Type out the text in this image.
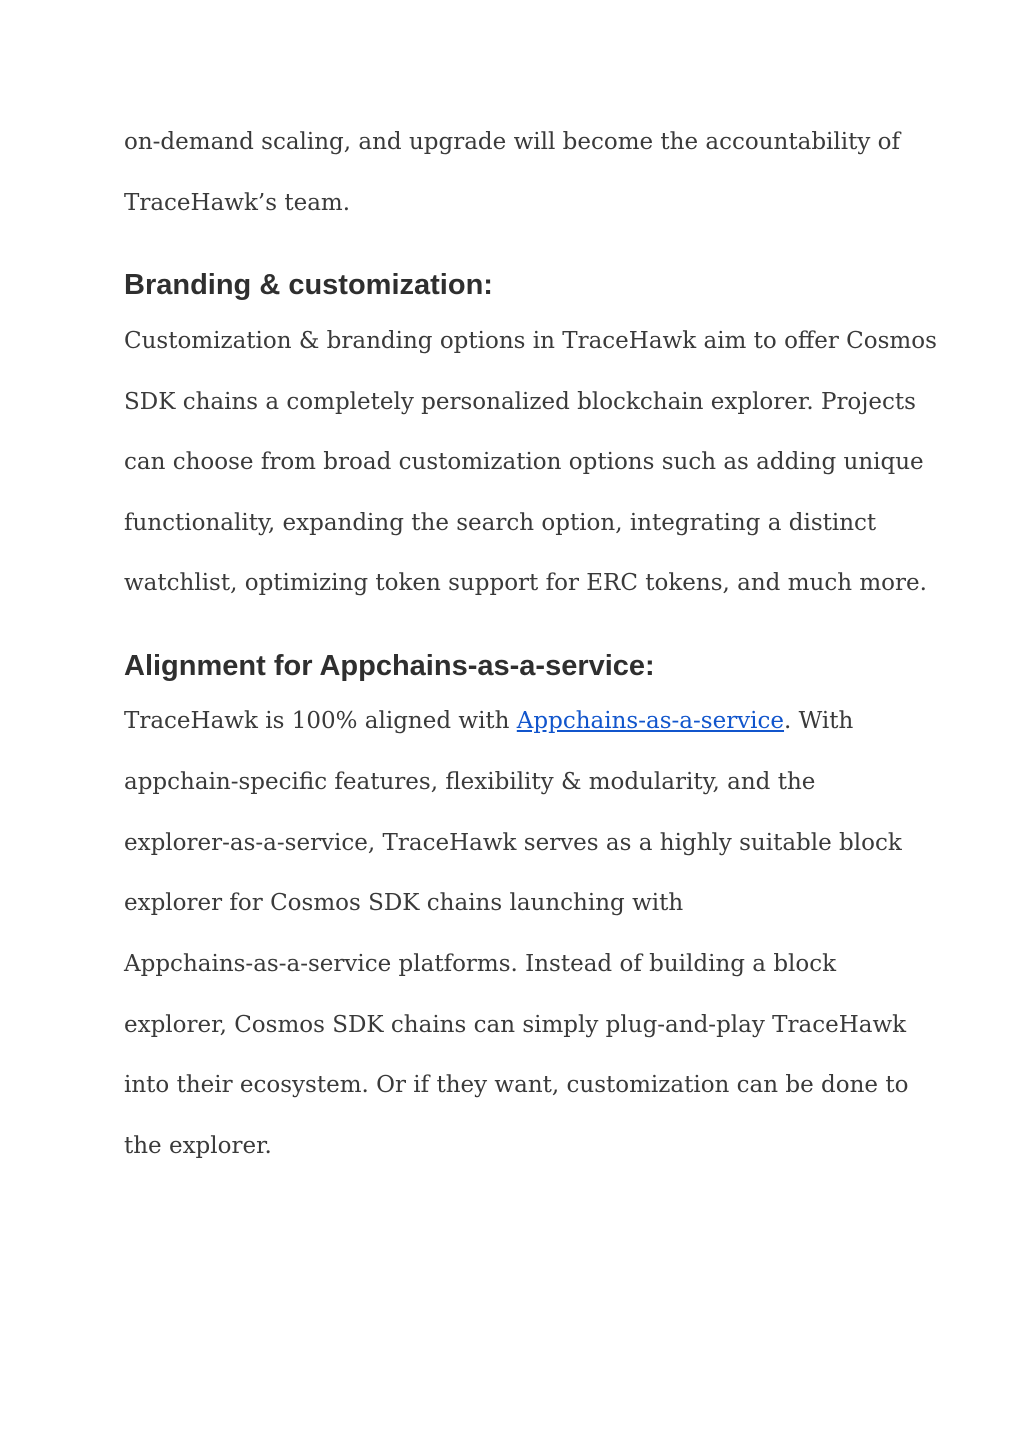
on-demand scaling, and upgrade will become the accountability of
TraceHawk’s team.
Branding & customization:
Customization & branding options in TraceHawk aim to offer Cosmos
SDK chains a completely personalized blockchain explorer. Projects
can choose from broad customization options such as adding unique
functionality, expanding the search option, integrating a distinct
watchlist, optimizing token support for ERC tokens, and much more.
Alignment for Appchains-as-a-service:
TraceHawk is 100% aligned with Appchains-as-a-service. With
appchain-specific features, flexibility & modularity, and the
explorer-as-a-service, TraceHawk serves as a highly suitable block
explorer for Cosmos SDK chains launching with
Appchains-as-a-service platforms. Instead of building a block
explorer, Cosmos SDK chains can simply plug-and-play TraceHawk
into their ecosystem. Or if they want, customization can be done to
the explorer.
